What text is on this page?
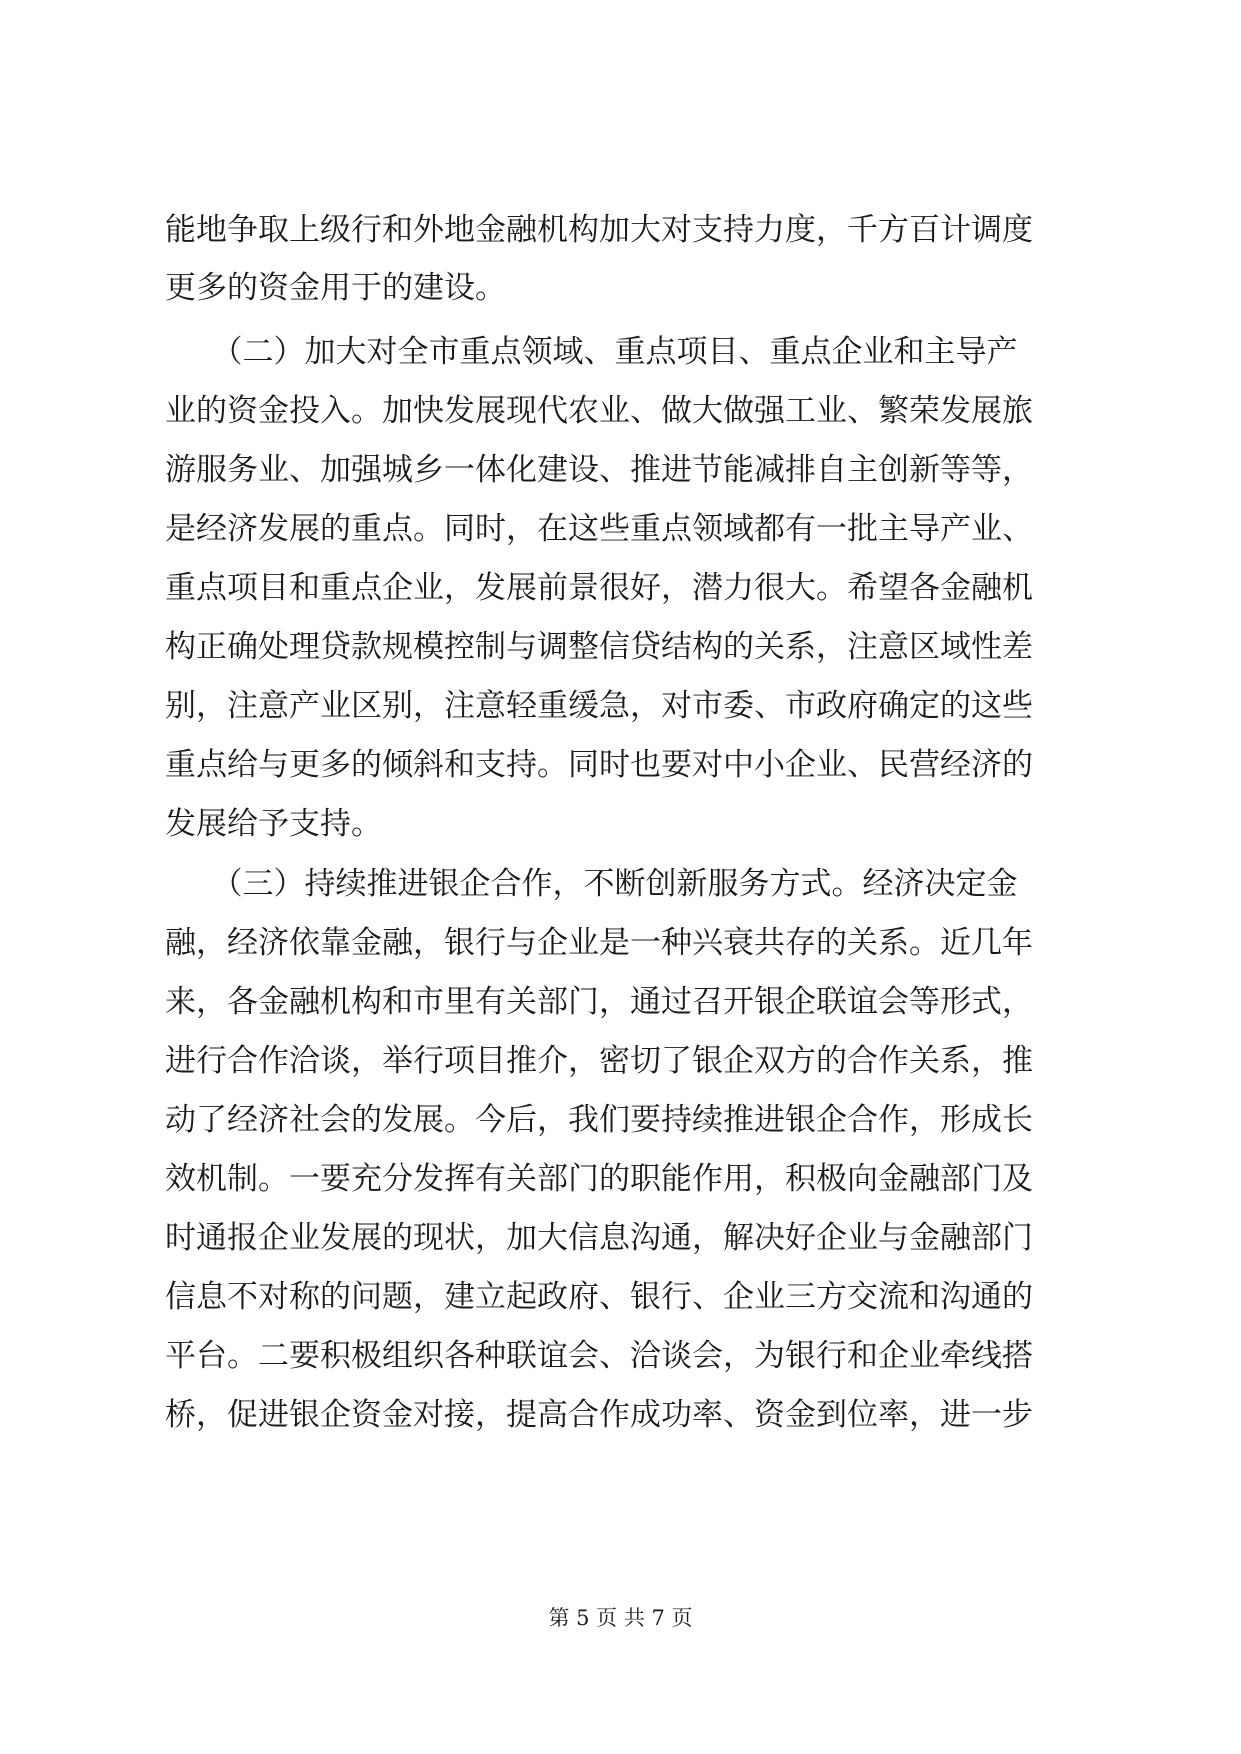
能地争取上级行和外地金融机构加大对支持力度，千方百计调度
更多的资金用于的建设。
　　（二）加大对全市重点领域、重点项目、重点企业和主导产
业的资金投入。加快发展现代农业、做大做强工业、繁荣发展旅
游服务业、加强城乡一体化建设、推进节能减排自主创新等等，
是经济发展的重点。同时，在这些重点领域都有一批主导产业、
重点项目和重点企业，发展前景很好，潜力很大。希望各金融机
构正确处理贷款规模控制与调整信贷结构的关系，注意区域性差
别，注意产业区别，注意轻重缓急，对市委、市政府确定的这些
重点给与更多的倾斜和支持。同时也要对中小企业、民营经济的
发展给予支持。
　　（三）持续推进银企合作，不断创新服务方式。经济决定金
融，经济依靠金融，银行与企业是一种兴衰共存的关系。近几年
来，各金融机构和市里有关部门，通过召开银企联谊会等形式，
进行合作洽谈，举行项目推介，密切了银企双方的合作关系，推
动了经济社会的发展。今后，我们要持续推进银企合作，形成长
效机制。一要充分发挥有关部门的职能作用，积极向金融部门及
时通报企业发展的现状，加大信息沟通，解决好企业与金融部门
信息不对称的问题，建立起政府、银行、企业三方交流和沟通的
平台。二要积极组织各种联谊会、洽谈会，为银行和企业牵线搭
桥，促进银企资金对接，提高合作成功率、资金到位率，进一步
第 5 页 共 7 页
